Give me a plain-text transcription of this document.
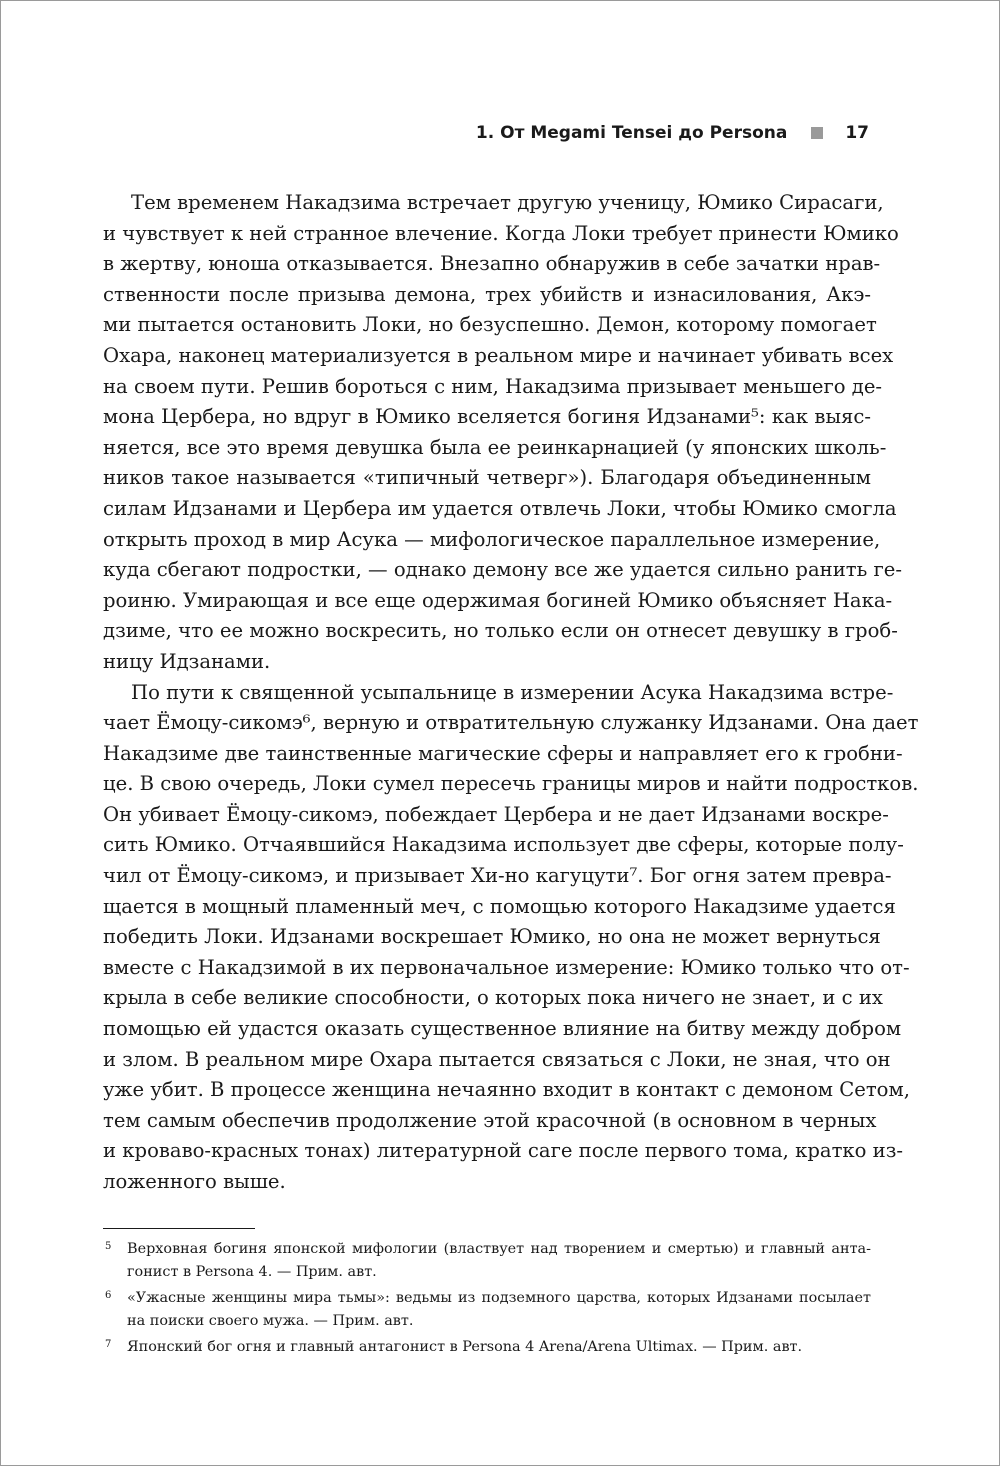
1. От Megami Tensei до Persona	17
Тем временем Накадзима встречает другую ученицу, Юмико Сирасаги,
и чувствует к ней странное влечение. Когда Локи требует принести Юмико
в жертву, юноша отказывается. Внезапно обнаружив в себе зачатки нрав-
ственности после призыва демона, трех убийств и изнасилования, Акэ-
ми пытается остановить Локи, но безуспешно. Демон, которому помогает
Охара, наконец материализуется в реальном мире и начинает убивать всех
на своем пути. Решив бороться с ним, Накадзима призывает меньшего де-
мона Цербера, но вдруг в Юмико вселяется богиня Идзанами⁵: как выяс-
няется, все это время девушка была ее реинкарнацией (у японских школь-
ников такое называется «типичный четверг»). Благодаря объединенным
силам Идзанами и Цербера им удается отвлечь Локи, чтобы Юмико смогла
открыть проход в мир Асука — мифологическое параллельное измерение,
куда сбегают подростки, — однако демону все же удается сильно ранить ге-
роиню. Умирающая и все еще одержимая богиней Юмико объясняет Нака-
дзиме, что ее можно воскресить, но только если он отнесет девушку в гроб-
ницу Идзанами.
По пути к священной усыпальнице в измерении Асука Накадзима встре-
чает Ёмоцу-сикомэ⁶, верную и отвратительную служанку Идзанами. Она дает
Накадзиме две таинственные магические сферы и направляет его к гробни-
це. В свою очередь, Локи сумел пересечь границы миров и найти подростков.
Он убивает Ёмоцу-сикомэ, побеждает Цербера и не дает Идзанами воскре-
сить Юмико. Отчаявшийся Накадзима использует две сферы, которые полу-
чил от Ёмоцу-сикомэ, и призывает Хи-но кагуцути⁷. Бог огня затем превра-
щается в мощный пламенный меч, с помощью которого Накадзиме удается
победить Локи. Идзанами воскрешает Юмико, но она не может вернуться
вместе с Накадзимой в их первоначальное измерение: Юмико только что от-
крыла в себе великие способности, о которых пока ничего не знает, и с их
помощью ей удастся оказать существенное влияние на битву между добром
и злом. В реальном мире Охара пытается связаться с Локи, не зная, что он
уже убит. В процессе женщина нечаянно входит в контакт с демоном Сетом,
тем самым обеспечив продолжение этой красочной (в основном в черных
и кроваво-красных тонах) литературной саге после первого тома, кратко из-
ложенного выше.
5 Верховная богиня японской мифологии (властвует над творением и смертью) и главный анта-
гонист в Persona 4. — Прим. авт.
6 «Ужасные женщины мира тьмы»: ведьмы из подземного царства, которых Идзанами посылает
на поиски своего мужа. — Прим. авт.
7 Японский бог огня и главный антагонист в Persona 4 Arena/Arena Ultimax. — Прим. авт.
